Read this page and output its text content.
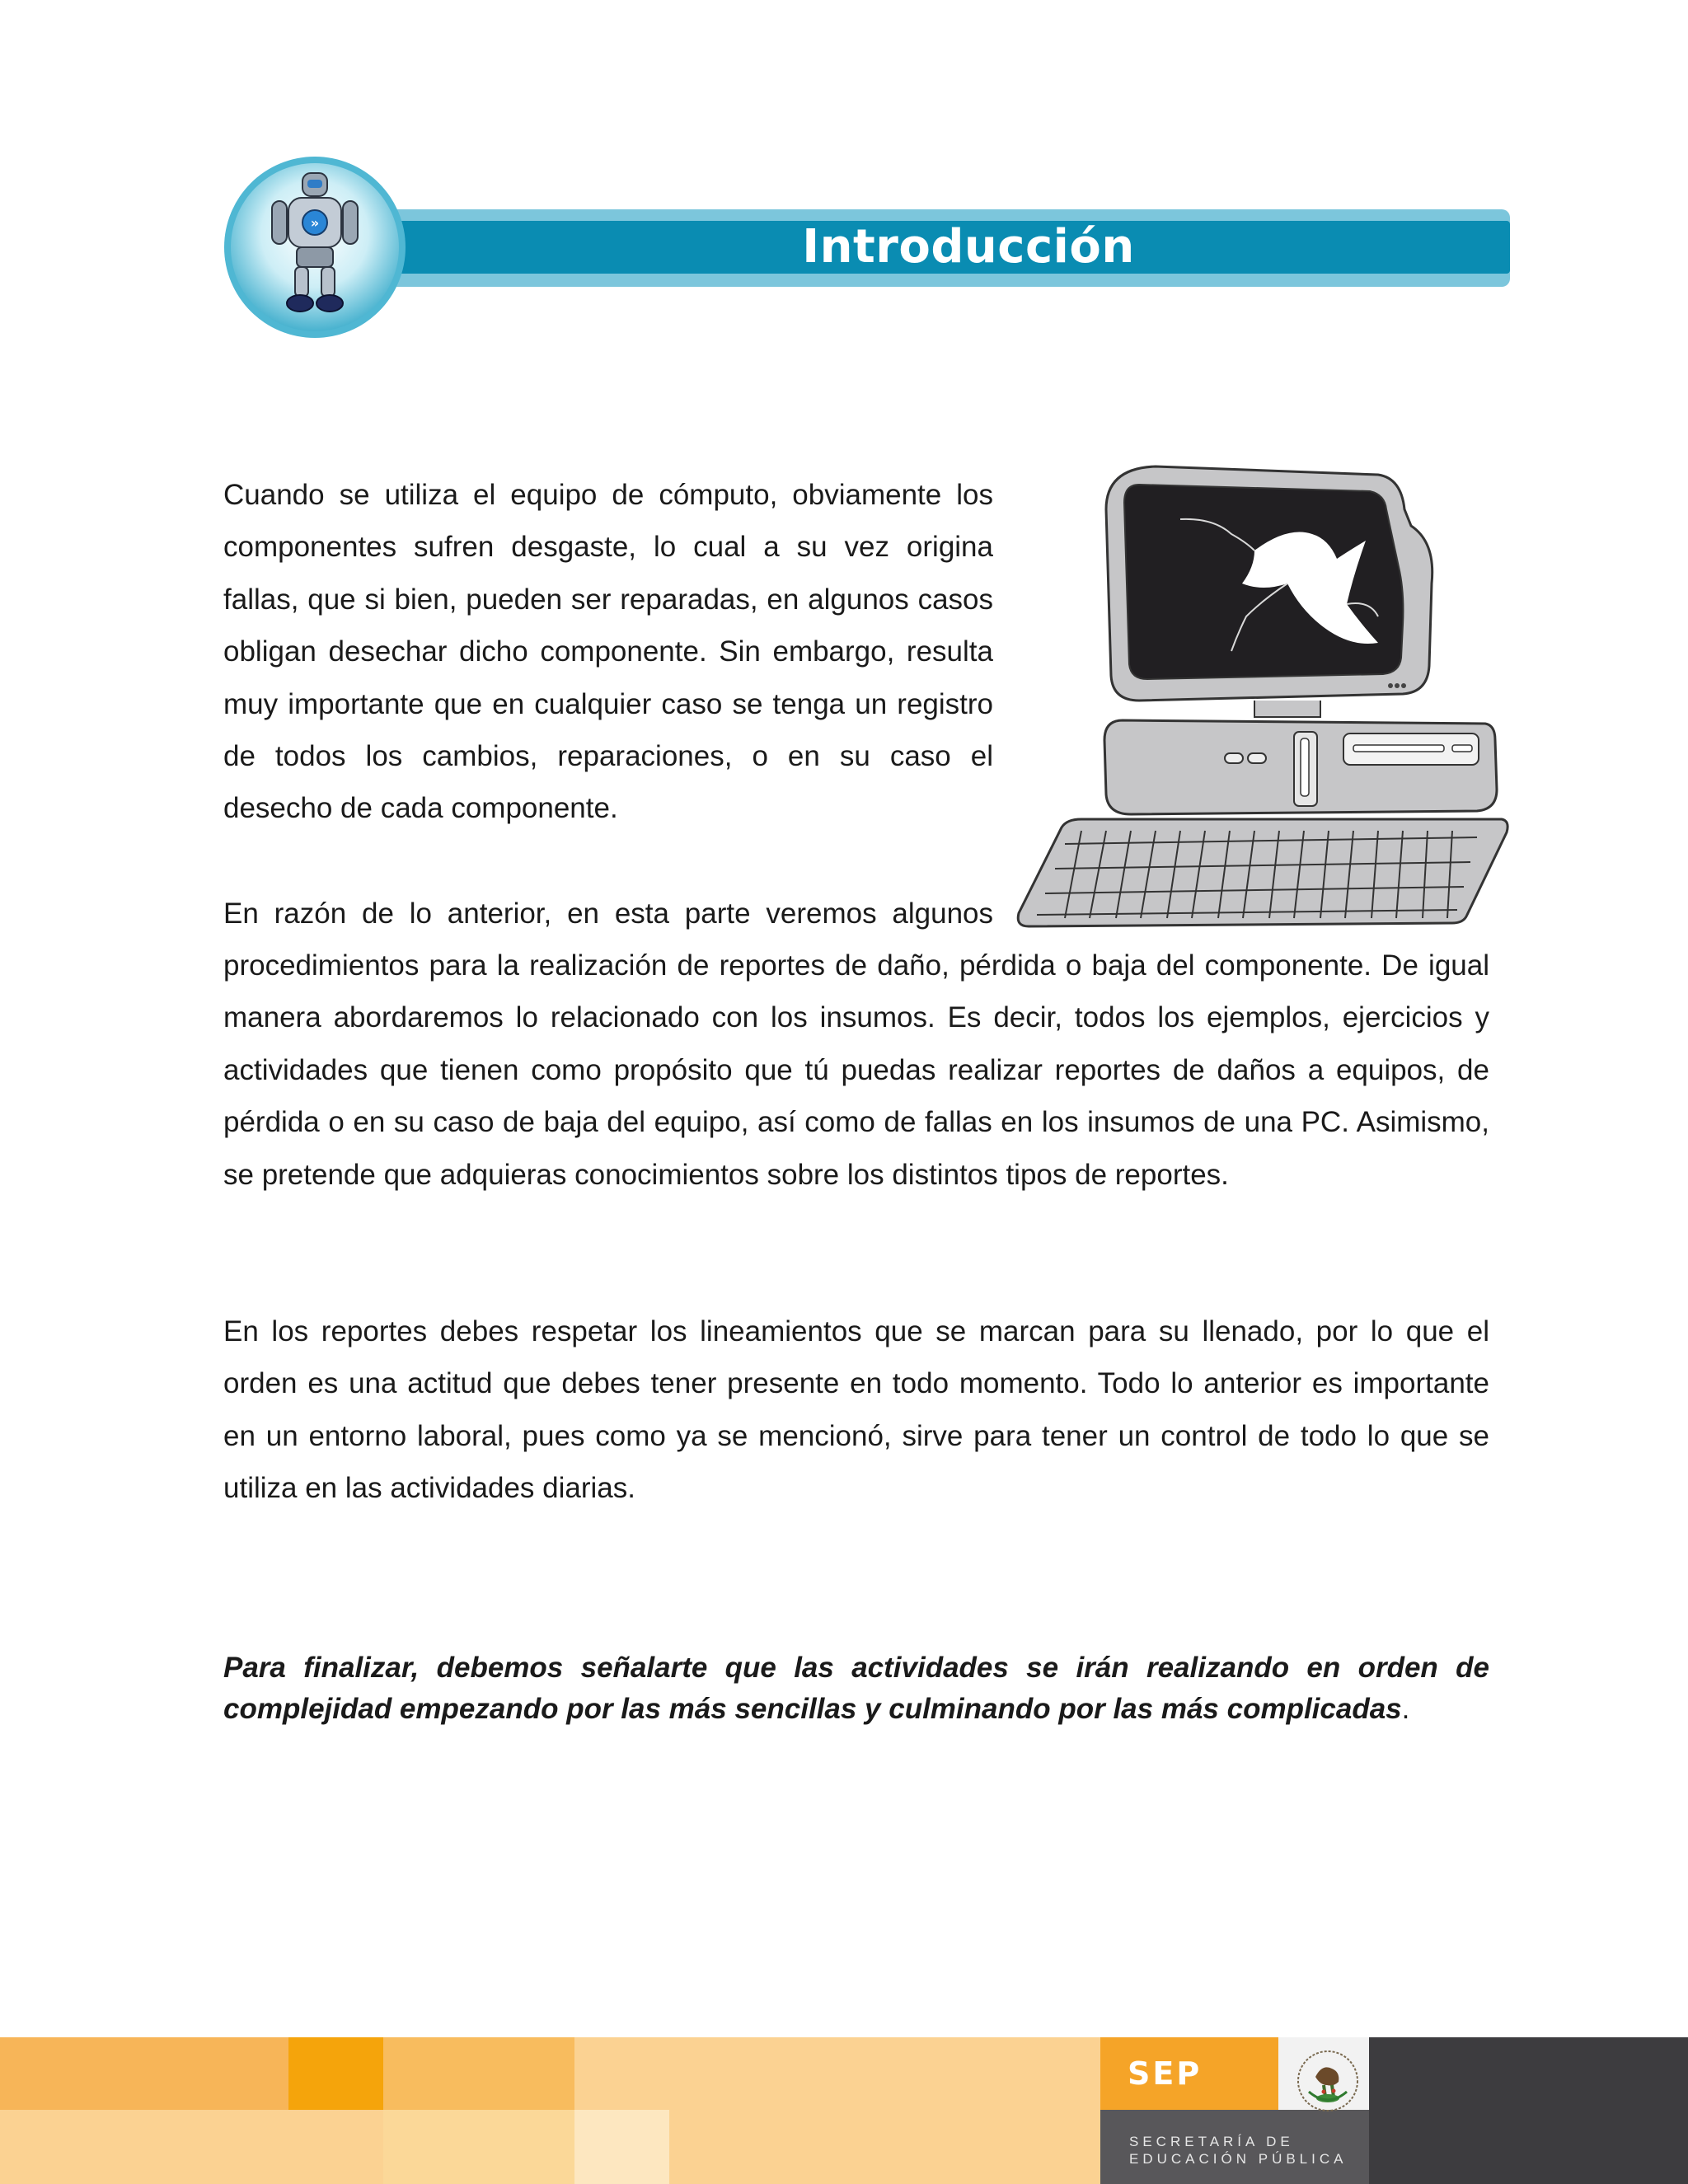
Introducción
»

Cuando se utiliza el equipo de cómputo, obviamente los componentes sufren desgaste, lo cual a su vez origina fallas, que si bien, pueden ser reparadas, en algunos casos obligan desechar dicho componente. Sin embargo, resulta muy importante que en cualquier caso se tenga un registro de todos los cambios, reparaciones, o en su caso el desecho de cada componente.

En razón de lo anterior, en esta parte veremos algunos

procedimientos para la realización de reportes de daño, pérdida o baja del componente. De igual manera abordaremos lo relacionado con los insumos. Es decir, todos los ejemplos, ejercicios y actividades que tienen como propósito que tú puedas realizar reportes de daños a equipos, de pérdida o en su caso de baja del equipo, así como de fallas en los insumos de una PC. Asimismo, se pretende que adquieras conocimientos sobre los distintos tipos de reportes.

En los reportes debes respetar los lineamientos que se marcan para su llenado, por lo que el orden es una actitud que debes tener presente en todo momento. Todo lo anterior es importante en un entorno laboral, pues como ya se mencionó, sirve para tener un control de todo lo que se utiliza en las actividades diarias.

Para finalizar, debemos señalarte que las actividades se irán realizando en orden de complejidad empezando por las más sencillas y culminando por las más complicadas.

SEP
SECRETARÍA DE
EDUCACIÓN PÚBLICA
